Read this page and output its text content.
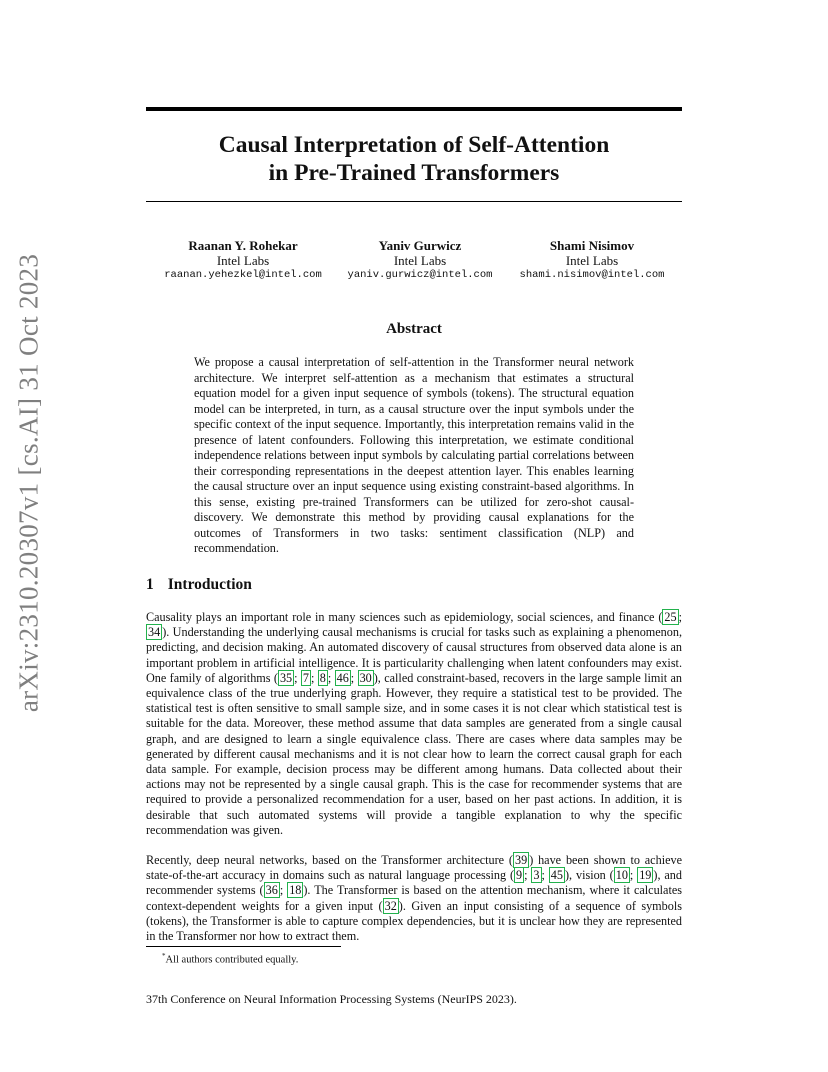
Causal Interpretation of Self-Attention
in Pre-Trained Transformers
Raanan Y. Rohekar
Intel Labs
raanan.yehezkel@intel.com
Yaniv Gurwicz
Intel Labs
yaniv.gurwicz@intel.com
Shami Nisimov
Intel Labs
shami.nisimov@intel.com
arXiv:2310.20307v1 [cs.AI] 31 Oct 2023	Abstract
We propose a causal interpretation of self-attention in the Transformer neural network architecture. We interpret self-attention as a mechanism that estimates a structural equation model for a given input sequence of symbols (tokens). The structural equation model can be interpreted, in turn, as a causal structure over the input symbols under the specific context of the input sequence. Importantly, this interpretation remains valid in the presence of latent confounders. Following this interpretation, we estimate conditional independence relations between input symbols by calculating partial correlations between their corresponding representations in the deepest attention layer. This enables learning the causal structure over an input sequence using existing constraint-based algorithms. In this sense, existing pre-trained Transformers can be utilized for zero-shot causal-discovery. We demonstrate this method by providing causal explanations for the outcomes of Transformers in two tasks: sentiment classification (NLP) and recommendation.
1 Introduction

Causality plays an important role in many sciences such as epidemiology, social sciences, and finance ( 25 ; 34 ). Understanding the underlying causal mechanisms is crucial for tasks such as explaining a phenomenon, predicting, and decision making. An automated discovery of causal structures from observed data alone is an important problem in artificial intelligence. It is particularity challenging when latent confounders may exist. One family of algorithms ( 35 ; 7 ; 8 ; 46 ; 30 ), called constraint-based, recovers in the large sample limit an equivalence class of the true underlying graph. However, they require a statistical test to be provided. The statistical test is often sensitive to small sample size, and in some cases it is not clear which statistical test is suitable for the data. Moreover, these method assume that data samples are generated from a single causal graph, and are designed to learn a single equivalence class. There are cases where data samples may be generated by different causal mechanisms and it is not clear how to learn the correct causal graph for each data sample. For example, decision process may be different among humans. Data collected about their actions may not be represented by a single causal graph. This is the case for recommender systems that are required to provide a personalized recommendation for a user, based on her past actions. In addition, it is desirable that such automated systems will provide a tangible explanation to why the specific recommendation was given.

Recently, deep neural networks, based on the Transformer architecture ( 39 ) have been shown to achieve state-of-the-art accuracy in domains such as natural language processing ( 9 ; 3 ; 45 ), vision ( 10 ; 19 ), and recommender systems ( 36 ; 18 ). The Transformer is based on the attention mechanism, where it calculates context-dependent weights for a given input ( 32 ). Given an input consisting of a sequence of symbols (tokens), the Transformer is able to capture complex dependencies, but it is unclear how they are represented in the Transformer nor how to extract them.

*All authors contributed equally.
37th Conference on Neural Information Processing Systems (NeurIPS 2023).
